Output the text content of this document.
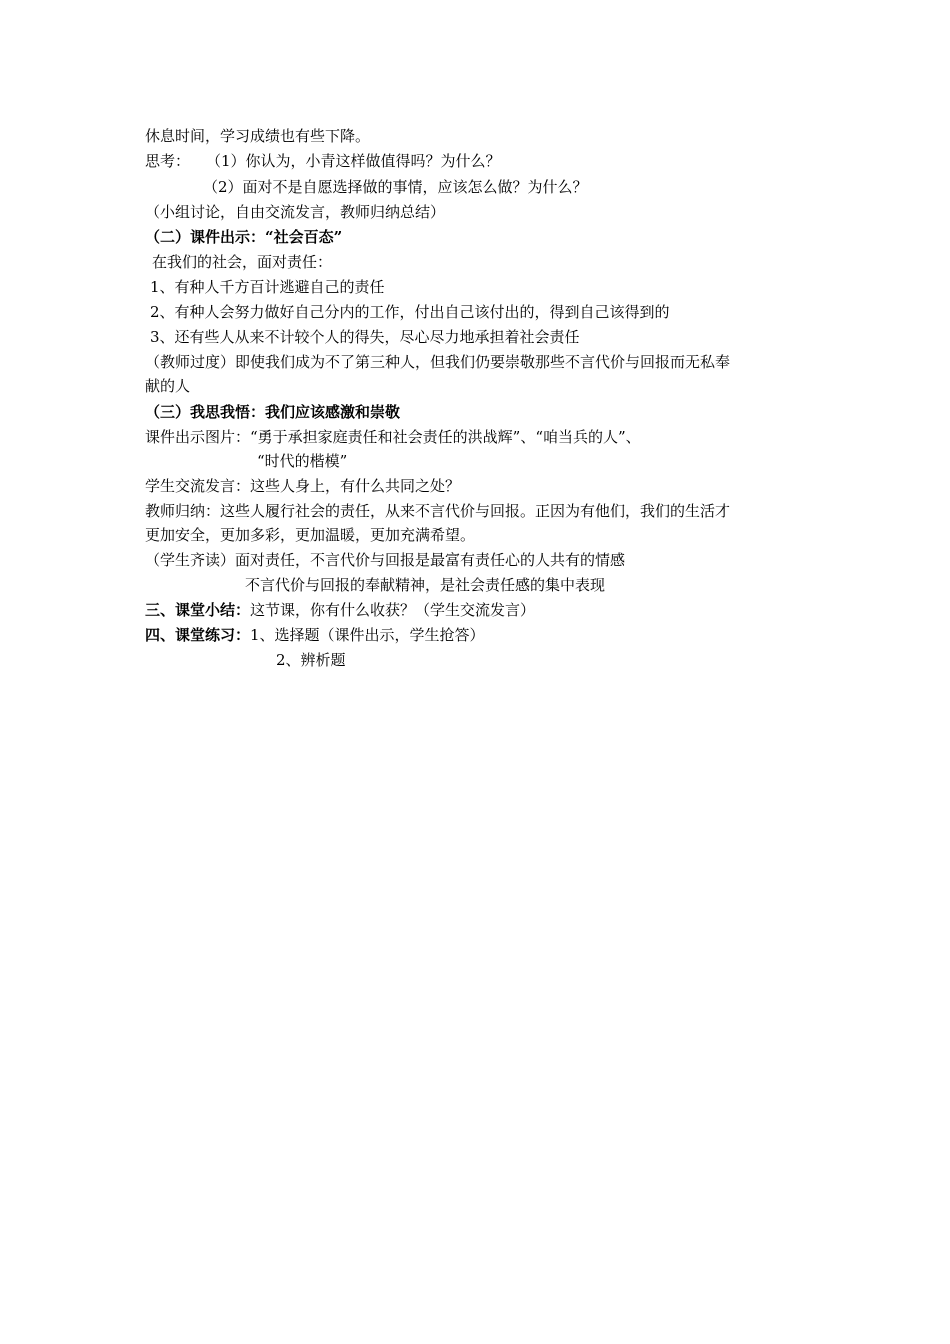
休息时间，学习成绩也有些下降。
思考： （1）你认为，小青这样做值得吗？为什么？
（2）面对不是自愿选择做的事情，应该怎么做？为什么？
（小组讨论，自由交流发言，教师归纳总结）
（二）课件出示：“社会百态”
在我们的社会，面对责任：
1、有种人千方百计逃避自己的责任
2、有种人会努力做好自己分内的工作，付出自己该付出的，得到自己该得到的
3、还有些人从来不计较个人的得失，尽心尽力地承担着社会责任
（教师过度）即使我们成为不了第三种人，但我们仍要崇敬那些不言代价与回报而无私奉
献的人
（三）我思我悟：我们应该感激和崇敬
课件出示图片：“勇于承担家庭责任和社会责任的洪战辉”、“咱当兵的人”、
“时代的楷模”
学生交流发言：这些人身上，有什么共同之处？
教师归纳：这些人履行社会的责任，从来不言代价与回报。正因为有他们，我们的生活才
更加安全，更加多彩，更加温暖，更加充满希望。
（学生齐读）面对责任，不言代价与回报是最富有责任心的人共有的情感
不言代价与回报的奉献精神，是社会责任感的集中表现
三、课堂小结：这节课，你有什么收获？（学生交流发言）
四、课堂练习：1、选择题（课件出示，学生抢答）
2、辨析题
